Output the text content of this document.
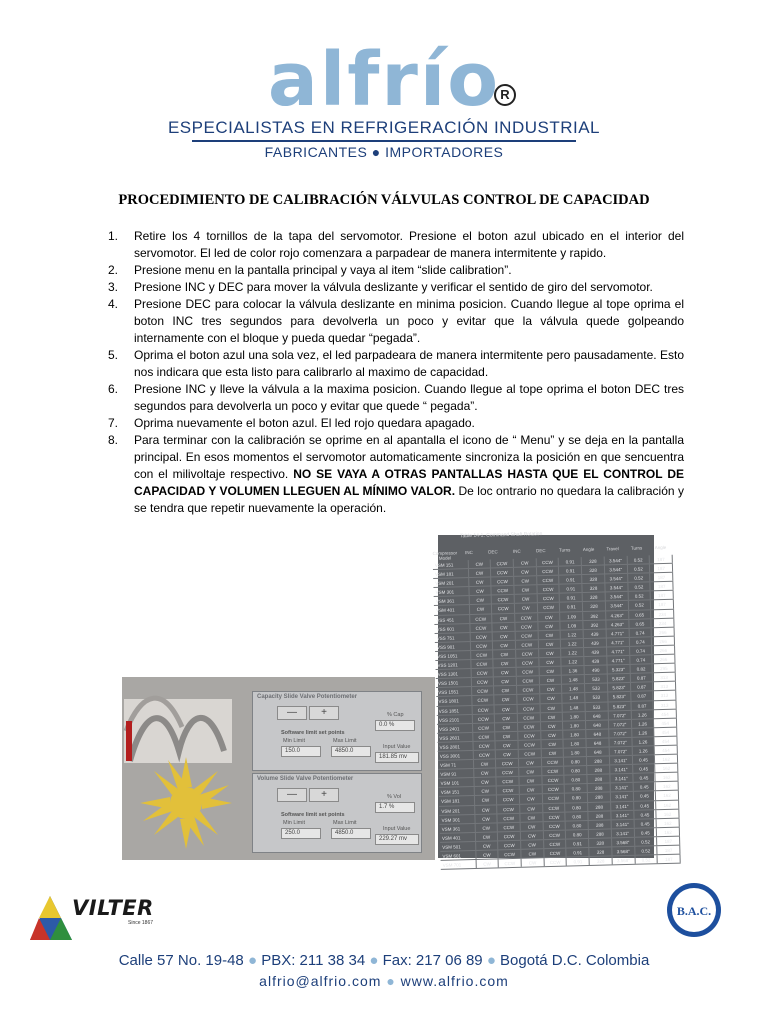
alfrío R
ESPECIALISTAS EN REFRIGERACIÓN INDUSTRIAL
FABRICANTES ● IMPORTADORES
PROCEDIMIENTO DE CALIBRACIÓN VÁLVULAS CONTROL DE CAPACIDAD
1.	Retire los 4 tornillos de la tapa del servomotor. Presione el boton azul ubicado en el interior del servomotor. El led de color rojo comenzara a parpadear de manera intermitente y rapido.
2.	Presione menu en la pantalla principal y vaya al item “slide calibration”.
3.	Presione INC y DEC para mover la válvula deslizante y verificar el sentido de giro del servomotor.
4.	Presione DEC para colocar la válvula deslizante en minima posicion. Cuando llegue al tope oprima el boton INC tres segundos para devolverla un poco y evitar que la válvula quede golpeando internamente con el bloque y pueda quedar “pegada”.
5.	Oprima el boton azul una sola vez, el led parpadeara de manera intermitente pero pausadamente. Esto nos indicara que esta listo para calibrarlo al maximo de capacidad.
6.	Presione INC y lleve la válvula a la maxima posicion. Cuando llegue al tope oprima el boton DEC tres segundos para devolverla un poco y evitar que quede “ pegada”.
7.	Oprima nuevamente el boton azul. El led rojo quedara apagado.
8.	Para terminar con la calibración se oprime en al apantalla el icono de “ Menu” y se deja en la pantalla principal. En esos momentos el servomotor automaticamente sincroniza la posición en que sencuentra con el milivoltaje respectivo. NO SE VAYA A OTRAS PANTALLAS HASTA QUE EL CONTROL DE CAPACIDAD Y VOLUMEN LLEGUEN AL MÍNIMO VALOR. De loc ontrario no quedara la calibración y se tendra que repetir nuevamente la operación.
Capacity Slide Valve Potentiometer
—	+	% Cap
0.0 %
Software limit set points
Min Limit	Max Limit
150.0	4850.0
Input Value
181.85 mv
Volume Slide Valve Potentiometer
—	+	% Vol
1.7 %
Software limit set points
Min Limit	Max Limit
250.0	4850.0
Input Value
229.27 mv
Table 14-1. Command Shaft Rotation
Compressor Model
INC	DEC	INC	DEC	Turns	Angle	Travel	Turns	Angle
VSM 151	CW	CCW	CW	CCW	0.91	328	3.544"	0.52	187
VSM 181	CW	CCW	CW	CCW	0.91	328	3.544"	0.52	187
VSM 201	CW	CCW	CW	CCW	0.91	328	3.544"	0.52	187
VSM 301	CW	CCW	CW	CCW	0.91	328	3.544"	0.52	187
VSM 361	CW	CCW	CW	CCW	0.91	328	3.544"	0.52	187
VSM 401	CW	CCW	CW	CCW	0.91	328	3.544"	0.52	187
VSS 451	CCW	CW	CCW	CW	1.09	392	4.263"	0.65	234
VSS 601	CCW	CW	CCW	CW	1.09	392	4.263"	0.65	234
VSS 751	CCW	CW	CCW	CW	1.22	439	4.771"	0.74	266
VSS 901	CCW	CW	CCW	CW	1.22	439	4.771"	0.74	266
VSS 1051	CCW	CW	CCW	CW	1.22	439	4.771"	0.74	266
VSS 1201	CCW	CW	CCW	CW	1.22	439	4.771"	0.74	266
VSS 1301	CCW	CW	CCW	CW	1.36	490	5.323"	0.82	295
VSS 1501	CCW	CW	CCW	CW	1.48	533	5.823"	0.87	313
VSS 1551	CCW	CW	CCW	CW	1.48	533	5.823"	0.87	313
VSS 1801	CCW	CW	CCW	CW	1.48	533	5.823"	0.87	313
VSS 1851	CCW	CW	CCW	CW	1.48	533	5.823"	0.87	313
VSS 2101	CCW	CW	CCW	CW	1.80	648	7.072"	1.26	454
VSS 2401	CCW	CW	CCW	CW	1.80	648	7.072"	1.26	454
VSS 2601	CCW	CW	CCW	CW	1.80	648	7.072"	1.26	454
VSS 2801	CCW	CW	CCW	CW	1.80	648	7.072"	1.26	454
VSS 3001	CCW	CW	CCW	CW	1.80	648	7.072"	1.26	454
VSM 71	CW	CCW	CW	CCW	0.80	288	3.141"	0.45	162
VSM 91	CW	CCW	CW	CCW	0.80	288	3.141"	0.45	162
VSM 101	CW	CCW	CW	CCW	0.80	288	3.141"	0.45	162
VSM 151	CW	CCW	CW	CCW	0.80	288	3.141"	0.45	162
VSM 181	CW	CCW	CW	CCW	0.80	288	3.141"	0.45	162
VSM 201	CW	CCW	CW	CCW	0.80	288	3.141"	0.45	162
VSM 301	CW	CCW	CW	CCW	0.80	288	3.141"	0.45	162
VSM 361	CW	CCW	CW	CCW	0.80	288	3.141"	0.45	162
VSM 401	CW	CCW	CW	CCW	0.80	288	3.141"	0.45	162
VSM 501	CW	CCW	CW	CCW	0.91	328	3.568"	0.52	187
VSM 601	CW	CCW	CW	CCW	0.91	328	3.568"	0.52	187
VSM 701	CW	CCW	CW	CCW	0.91	328	3.568"	0.52	187
VILTER
Since 1867
B.A.C.
Calle 57 No. 19-48 ● PBX: 211 38 34 ● Fax: 217 06 89 ● Bogotá D.C. Colombia
alfrio@alfrio.com ● www.alfrio.com
